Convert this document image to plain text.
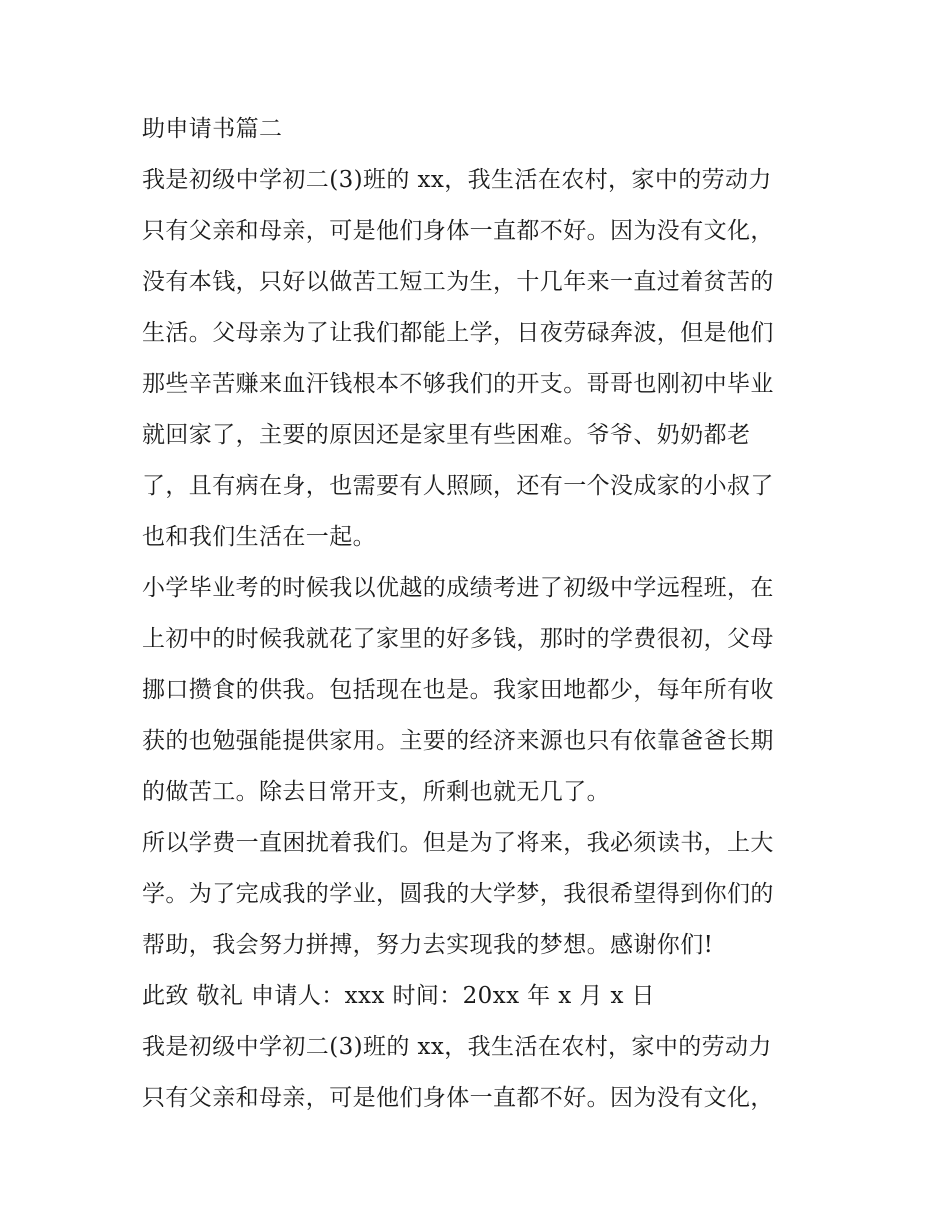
助申请书篇二
我是初级中学初二(3)班的 xx，我生活在农村，家中的劳动力
只有父亲和母亲，可是他们身体一直都不好。因为没有文化，
没有本钱，只好以做苦工短工为生，十几年来一直过着贫苦的
生活。父母亲为了让我们都能上学，日夜劳碌奔波，但是他们
那些辛苦赚来血汗钱根本不够我们的开支。哥哥也刚初中毕业
就回家了，主要的原因还是家里有些困难。爷爷、奶奶都老
了，且有病在身，也需要有人照顾，还有一个没成家的小叔了
也和我们生活在一起。
小学毕业考的时候我以优越的成绩考进了初级中学远程班，在
上初中的时候我就花了家里的好多钱，那时的学费很初，父母
挪口攒食的供我。包括现在也是。我家田地都少，每年所有收
获的也勉强能提供家用。主要的经济来源也只有依靠爸爸长期
的做苦工。除去日常开支，所剩也就无几了。
所以学费一直困扰着我们。但是为了将来，我必须读书，上大
学。为了完成我的学业，圆我的大学梦，我很希望得到你们的
帮助，我会努力拼搏，努力去实现我的梦想。感谢你们!
此致 敬礼 申请人：xxx 时间：20xx 年 x 月 x 日
我是初级中学初二(3)班的 xx，我生活在农村，家中的劳动力
只有父亲和母亲，可是他们身体一直都不好。因为没有文化，
